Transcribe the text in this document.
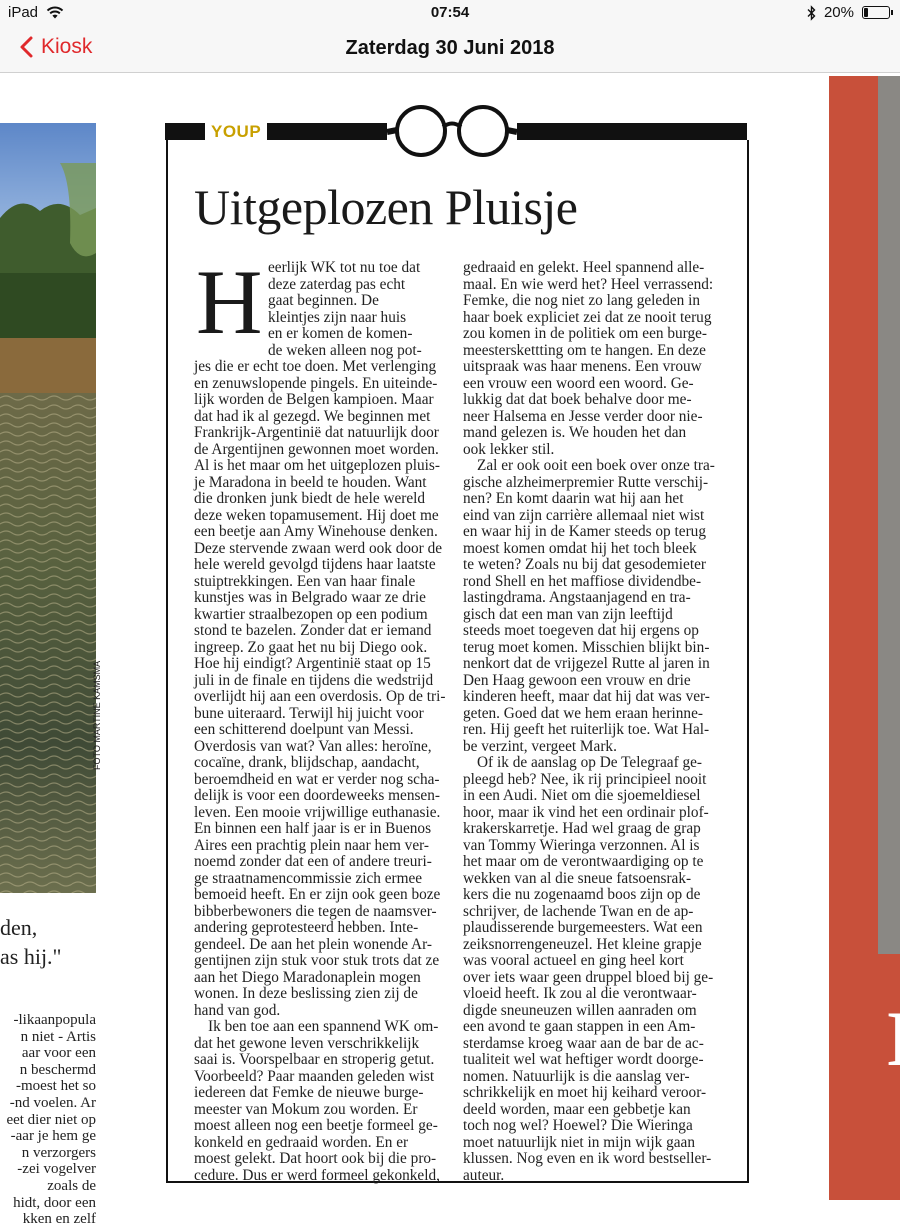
iPad	07:54	20%
Kiosk	Zaterdag 30 Juni 2018
FOTO MARTINE KAMSMA
den,
as hij."
likaanpopula-
n niet - Artis
aar voor een
n beschermd
moest het so-
nd voelen. Ar-
eet dier niet op
aar je hem ge-
n verzorgers
zei vogelver-
zoals de
hidt, door een
kken en zelf
I
YOUP
Uitgeplozen Pluisje
H eerlijk WK tot nu toe dat
deze zaterdag pas echt
gaat beginnen. De
kleintjes zijn naar huis
en er komen de komen-
de weken alleen nog pot-
jes die er echt toe doen. Met verlenging
en zenuwslopende pingels. En uiteinde-
lijk worden de Belgen kampioen. Maar
dat had ik al gezegd. We beginnen met
Frankrijk-Argentinië dat natuurlijk door
de Argentijnen gewonnen moet worden.
Al is het maar om het uitgeplozen pluis-
je Maradona in beeld te houden. Want
die dronken junk biedt de hele wereld
deze weken topamusement. Hij doet me
een beetje aan Amy Winehouse denken.
Deze stervende zwaan werd ook door de
hele wereld gevolgd tijdens haar laatste
stuiptrekkingen. Een van haar finale
kunstjes was in Belgrado waar ze drie
kwartier straalbezopen op een podium
stond te bazelen. Zonder dat er iemand
ingreep. Zo gaat het nu bij Diego ook.
Hoe hij eindigt? Argentinië staat op 15
juli in de finale en tijdens die wedstrijd
overlijdt hij aan een overdosis. Op de tri-
bune uiteraard. Terwijl hij juicht voor
een schitterend doelpunt van Messi.
Overdosis van wat? Van alles: heroïne,
cocaïne, drank, blijdschap, aandacht,
beroemdheid en wat er verder nog scha-
delijk is voor een doordeweeks mensen-
leven. Een mooie vrijwillige euthanasie.
En binnen een half jaar is er in Buenos
Aires een prachtig plein naar hem ver-
noemd zonder dat een of andere treuri-
ge straatnamencommissie zich ermee
bemoeid heeft. En er zijn ook geen boze
bibberbewoners die tegen de naamsver-
andering geprotesteerd hebben. Inte-
gendeel. De aan het plein wonende Ar-
gentijnen zijn stuk voor stuk trots dat ze
aan het Diego Maradonaplein mogen
wonen. In deze beslissing zien zij de
hand van god.
Ik ben toe aan een spannend WK om-
dat het gewone leven verschrikkelijk
saai is. Voorspelbaar en stroperig getut.
Voorbeeld? Paar maanden geleden wist
iedereen dat Femke de nieuwe burge-
meester van Mokum zou worden. Er
moest alleen nog een beetje formeel ge-
konkeld en gedraaid worden. En er
moest gelekt. Dat hoort ook bij die pro-
cedure. Dus er werd formeel gekonkeld,
gedraaid en gelekt. Heel spannend alle-
maal. En wie werd het? Heel verrassend:
Femke, die nog niet zo lang geleden in
haar boek expliciet zei dat ze nooit terug
zou komen in de politiek om een burge-
meesterskettting om te hangen. En deze
uitspraak was haar menens. Een vrouw
een vrouw een woord een woord. Ge-
lukkig dat dat boek behalve door me-
neer Halsema en Jesse verder door nie-
mand gelezen is. We houden het dan
ook lekker stil.
Zal er ook ooit een boek over onze tra-
gische alzheimerpremier Rutte verschij-
nen? En komt daarin wat hij aan het
eind van zijn carrière allemaal niet wist
en waar hij in de Kamer steeds op terug
moest komen omdat hij het toch bleek
te weten? Zoals nu bij dat gesodemieter
rond Shell en het maffiose dividendbe-
lastingdrama. Angstaanjagend en tra-
gisch dat een man van zijn leeftijd
steeds moet toegeven dat hij ergens op
terug moet komen. Misschien blijkt bin-
nenkort dat de vrijgezel Rutte al jaren in
Den Haag gewoon een vrouw en drie
kinderen heeft, maar dat hij dat was ver-
geten. Goed dat we hem eraan herinne-
ren. Hij geeft het ruiterlijk toe. Wat Hal-
be verzint, vergeet Mark.
Of ik de aanslag op De Telegraaf ge-
pleegd heb? Nee, ik rij principieel nooit
in een Audi. Niet om die sjoemeldiesel
hoor, maar ik vind het een ordinair plof-
krakerskarretje. Had wel graag de grap
van Tommy Wieringa verzonnen. Al is
het maar om de verontwaardiging op te
wekken van al die sneue fatsoensrak-
kers die nu zogenaamd boos zijn op de
schrijver, de lachende Twan en de ap-
plaudisserende burgemeesters. Wat een
zeiksnorrengeneuzel. Het kleine grapje
was vooral actueel en ging heel kort
over iets waar geen druppel bloed bij ge-
vloeid heeft. Ik zou al die verontwaar-
digde sneuneuzen willen aanraden om
een avond te gaan stappen in een Am-
sterdamse kroeg waar aan de bar de ac-
tualiteit wel wat heftiger wordt doorge-
nomen. Natuurlijk is die aanslag ver-
schrikkelijk en moet hij keihard veroor-
deeld worden, maar een gebbetje kan
toch nog wel? Hoewel? Die Wieringa
moet natuurlijk niet in mijn wijk gaan
klussen. Nog even en ik word bestseller-
auteur.
